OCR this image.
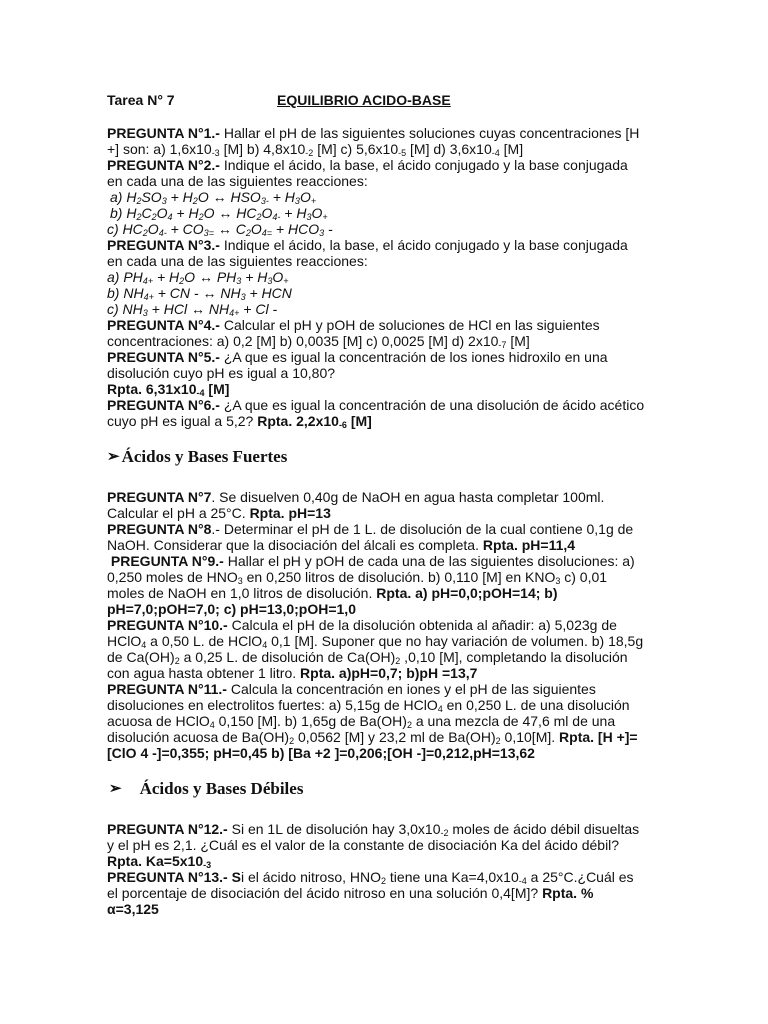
Tarea N° 7	EQUILIBRIO ACIDO-BASE

PREGUNTA N°1.- Hallar el pH de las siguientes soluciones cuyas concentraciones [H +] son: a) $1,6x10_{-3}$ [M] b) $4,8x10_{-2}$ [M] c) $5,6x10_{-5}$ [M] d) $3,6x10_{-4}$ [M]

PREGUNTA N°2.- Indique el ácido, la base, el ácido conjugado y la base conjugada en cada una de las siguientes reacciones:

a) $H_2SO_3 + H_2O$ ↔ $HSO_{3-} + H_3O_+$

b) $H_2C_2O_4 + H_2O$ ↔ $HC_2O_{4-} + H_3O_+$

c) $HC_2O_{4-} + CO_{3=}$ ↔ $C_2O_{4=} + HCO_3$ -

PREGUNTA N°3.- Indique el ácido, la base, el ácido conjugado y la base conjugada en cada una de las siguientes reacciones:

a) $PH_{4+} + H_2O$ ↔ $PH_3 + H_3O_+$

b) $NH_{4+}$ + CN - ↔ $NH_3$ + HCN

c) $NH_3$ + HCl ↔ $NH_{4+} + Cl$ -

PREGUNTA N°4.- Calcular el pH y pOH de soluciones de HCl en las siguientes concentraciones: a) 0,2 [M] b) 0,0035 [M] c) 0,0025 [M] d) $2x10_{-7}$ [M]

PREGUNTA N°5.- ¿A que es igual la concentración de los iones hidroxilo en una disolución cuyo pH es igual a 10,80?

Rpta. $6,31x10_{-4}$ [M]

PREGUNTA N°6.- ¿A que es igual la concentración de una disolución de ácido acético cuyo pH es igual a 5,2? Rpta. $2,2x10_{-6}$ [M]

➢ Ácidos y Bases Fuertes

PREGUNTA N°7. Se disuelven 0,40g de NaOH en agua hasta completar 100ml. Calcular el pH a 25°C. Rpta. pH=13

PREGUNTA N°8.- Determinar el pH de 1 L. de disolución de la cual contiene 0,1g de NaOH. Considerar que la disociación del álcali es completa. Rpta. pH=11,4

PREGUNTA N°9.- Hallar el pH y pOH de cada una de las siguientes disoluciones: a) 0,250 moles de $HNO_3$ en 0,250 litros de disolución. b) 0,110 [M] en $KNO_3$ c) 0,01 moles de NaOH en 1,0 litros de disolución. Rpta. a) pH=0,0;pOH=14; b) pH=7,0;pOH=7,0; c) pH=13,0;pOH=1,0

PREGUNTA N°10.- Calcula el pH de la disolución obtenida al añadir: a) 5,023g de HClO$_4$ a 0,50 L. de HClO$_4$ 0,1 [M]. Suponer que no hay variación de volumen. b) 18,5g de $Ca(OH)_2$ a 0,25 L. de disolución de $Ca(OH)_2$ ,0,10 [M], completando la disolución con agua hasta obtener 1 litro. Rpta. a)pH=0,7; b)pH =13,7

PREGUNTA N°11.- Calcula la concentración en iones y el pH de las siguientes disoluciones en electrolitos fuertes: a) 5,15g de HClO$_4$ en 0,250 L. de una disolución acuosa de HClO$_4$ 0,150 [M]. b) 1,65g de $Ba(OH)_2$ a una mezcla de 47,6 ml de una disolución acuosa de $Ba(OH)_2$ 0,0562 [M] y 23,2 ml de $Ba(OH)_2$ 0,10[M]. Rpta. [H +]=[ClO 4 -]=0,355; pH=0,45 b) [Ba +2 ]=0,206;[OH -]=0,212,pH=13,62

➢ Ácidos y Bases Débiles

PREGUNTA N°12.- Si en 1L de disolución hay $3,0x10_{-2}$ moles de ácido débil disueltas y el pH es 2,1. ¿Cuál es el valor de la constante de disociación Ka del ácido débil? Rpta. $Ka=5x10_{-3}$

PREGUNTA N°13.- Si el ácido nitroso, $HNO_2$ tiene una $Ka=4,0x10_{-4}$ a 25°C.¿Cuál es el porcentaje de disociación del ácido nitroso en una solución 0,4[M]? Rpta. % α=3,125
